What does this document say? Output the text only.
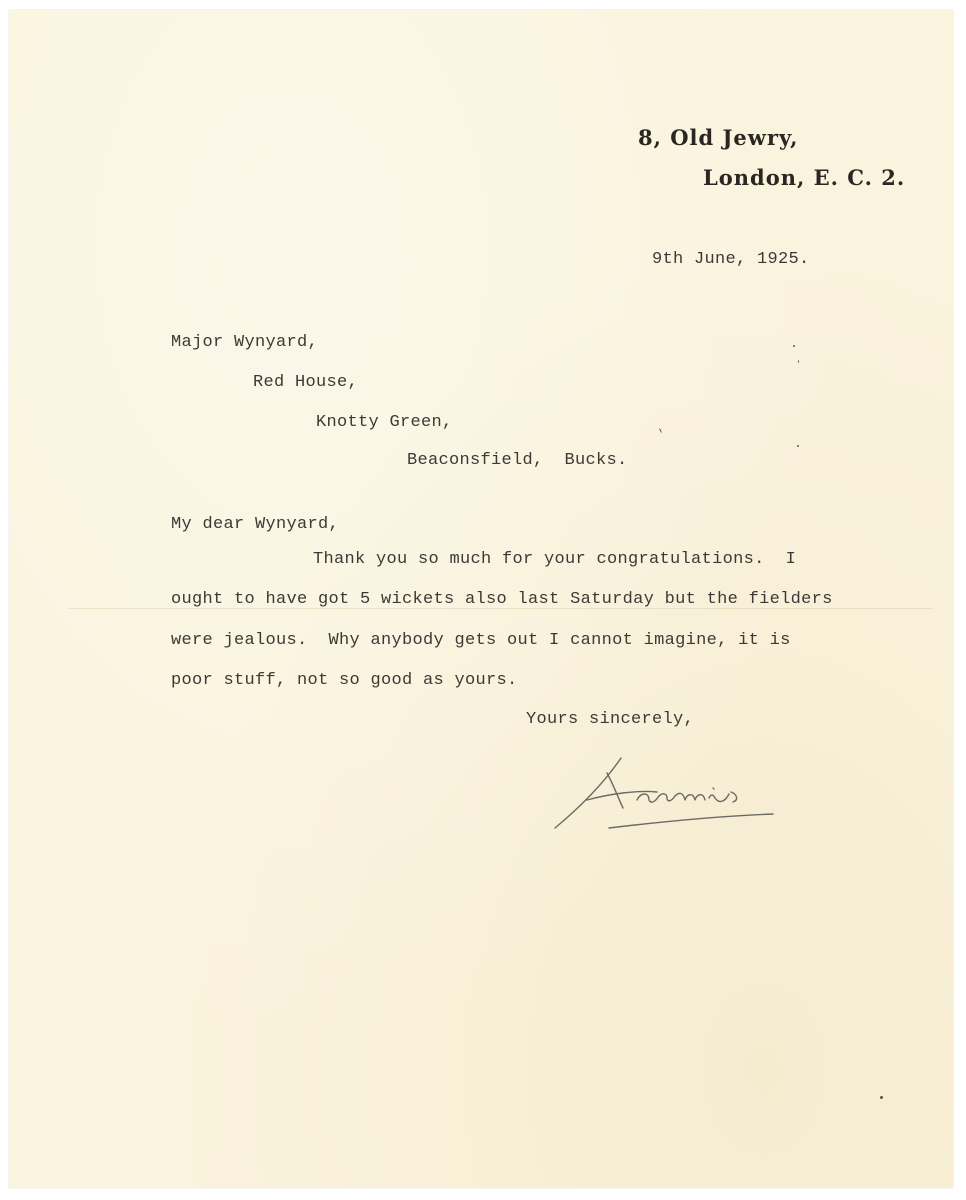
8, Old Jewry,
London, E. C. 2.
9th June, 1925.
Major Wynyard,
Red House,
Knotty Green,
Beaconsfield,  Bucks.
My dear Wynyard,
Thank you so much for your congratulations.  I
ought to have got 5 wickets also last Saturday but the fielders
were jealous.  Why anybody gets out I cannot imagine, it is
poor stuff, not so good as yours.
Yours sincerely,
